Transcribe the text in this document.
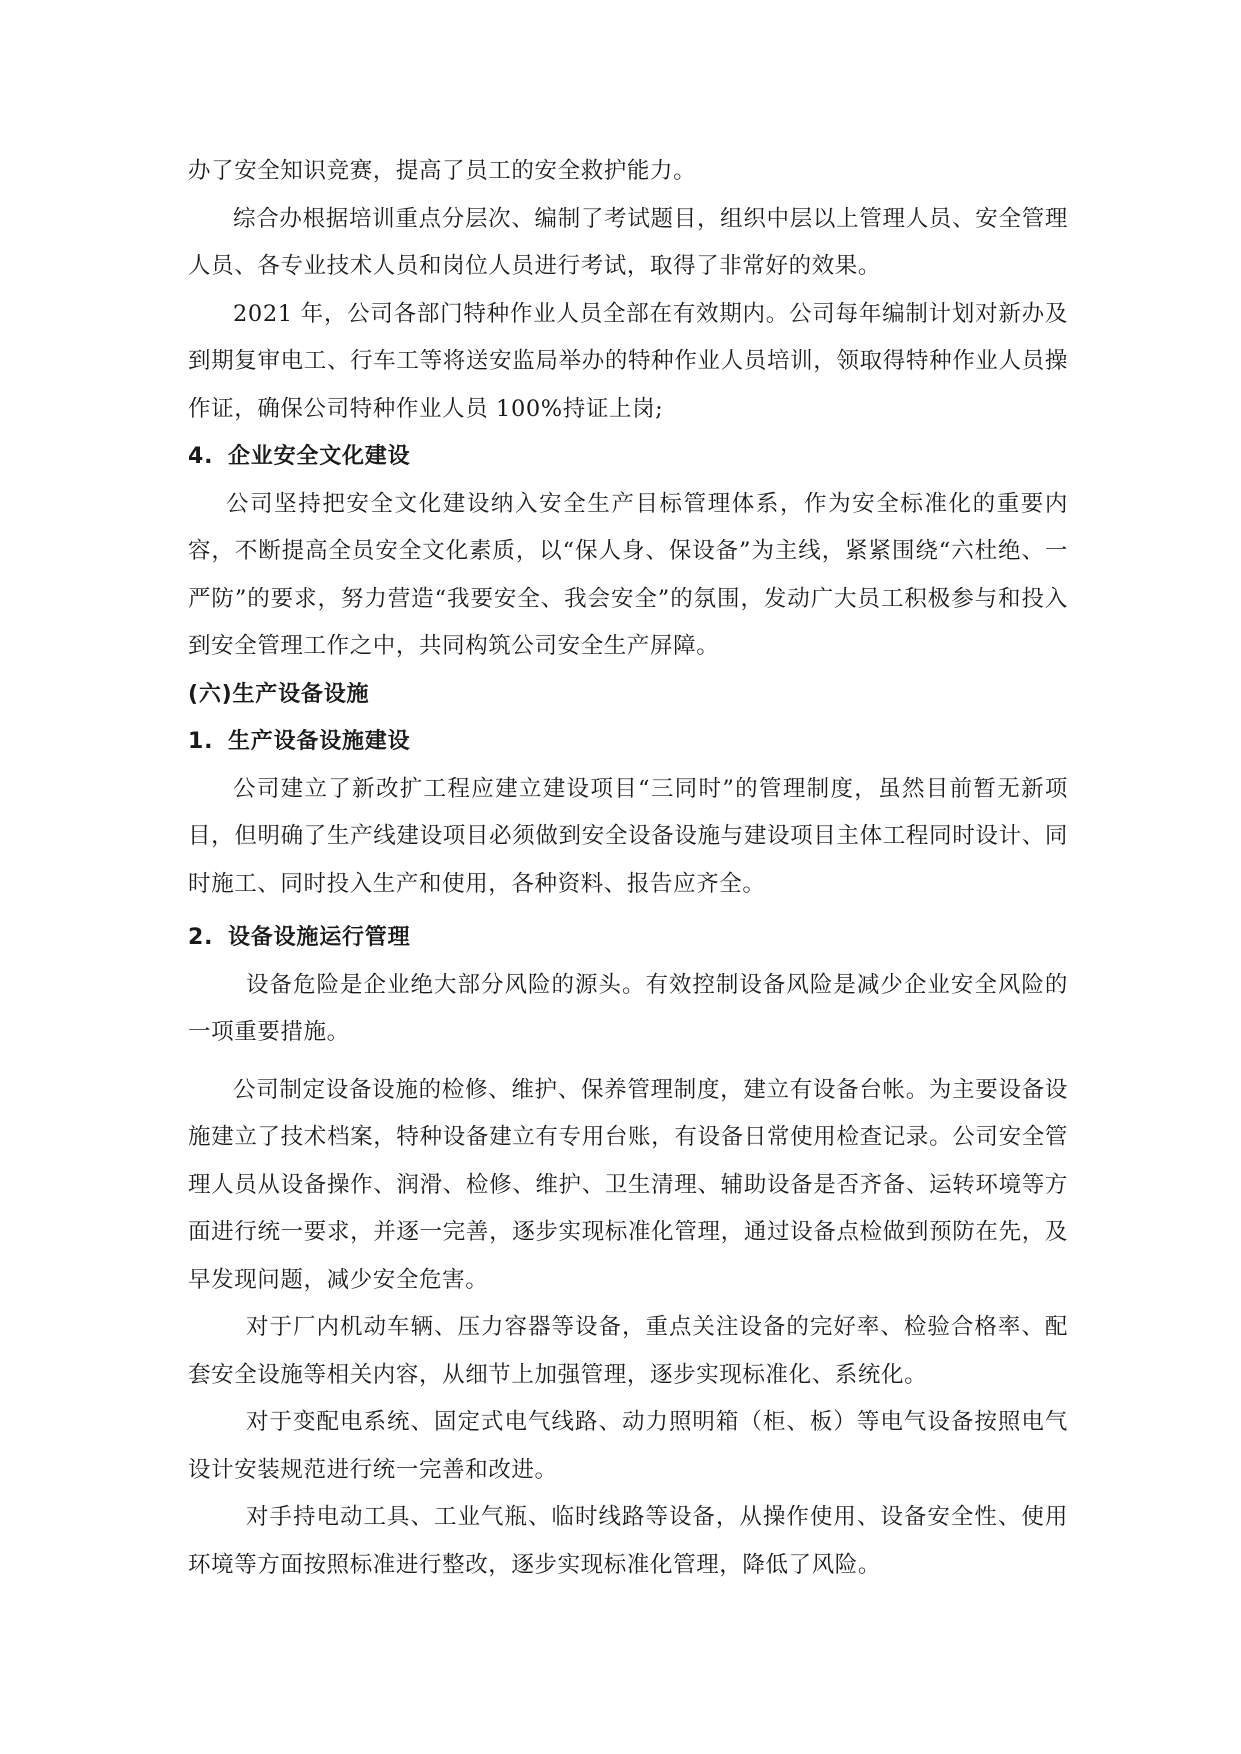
办了安全知识竞赛，提高了员工的安全救护能力。

综合办根据培训重点分层次、编制了考试题目，组织中层以上管理人员、安全管理人员、各专业技术人员和岗位人员进行考试，取得了非常好的效果。

2021 年，公司各部门特种作业人员全部在有效期内。公司每年编制计划对新办及到期复审电工、行车工等将送安监局举办的特种作业人员培训，领取得特种作业人员操作证，确保公司特种作业人员 100%持证上岗;

4. 企业安全文化建设

公司坚持把安全文化建设纳入安全生产目标管理体系，作为安全标准化的重要内容，不断提高全员安全文化素质，以“保人身、保设备”为主线，紧紧围绕“六杜绝、一严防”的要求，努力营造“我要安全、我会安全”的氛围，发动广大员工积极参与和投入到安全管理工作之中，共同构筑公司安全生产屏障。

(六)生产设备设施
1. 生产设备设施建设

公司建立了新改扩工程应建立建设项目“三同时”的管理制度，虽然目前暂无新项目，但明确了生产线建设项目必须做到安全设备设施与建设项目主体工程同时设计、同时施工、同时投入生产和使用，各种资料、报告应齐全。

2. 设备设施运行管理

设备危险是企业绝大部分风险的源头。有效控制设备风险是减少企业安全风险的一项重要措施。

公司制定设备设施的检修、维护、保养管理制度，建立有设备台帐。为主要设备设施建立了技术档案，特种设备建立有专用台账，有设备日常使用检查记录。公司安全管理人员从设备操作、润滑、检修、维护、卫生清理、辅助设备是否齐备、运转环境等方面进行统一要求，并逐一完善，逐步实现标准化管理，通过设备点检做到预防在先，及早发现问题，减少安全危害。

对于厂内机动车辆、压力容器等设备，重点关注设备的完好率、检验合格率、配套安全设施等相关内容，从细节上加强管理，逐步实现标准化、系统化。

对于变配电系统、固定式电气线路、动力照明箱（柜、板）等电气设备按照电气设计安装规范进行统一完善和改进。

对手持电动工具、工业气瓶、临时线路等设备，从操作使用、设备安全性、使用环境等方面按照标准进行整改，逐步实现标准化管理，降低了风险。
